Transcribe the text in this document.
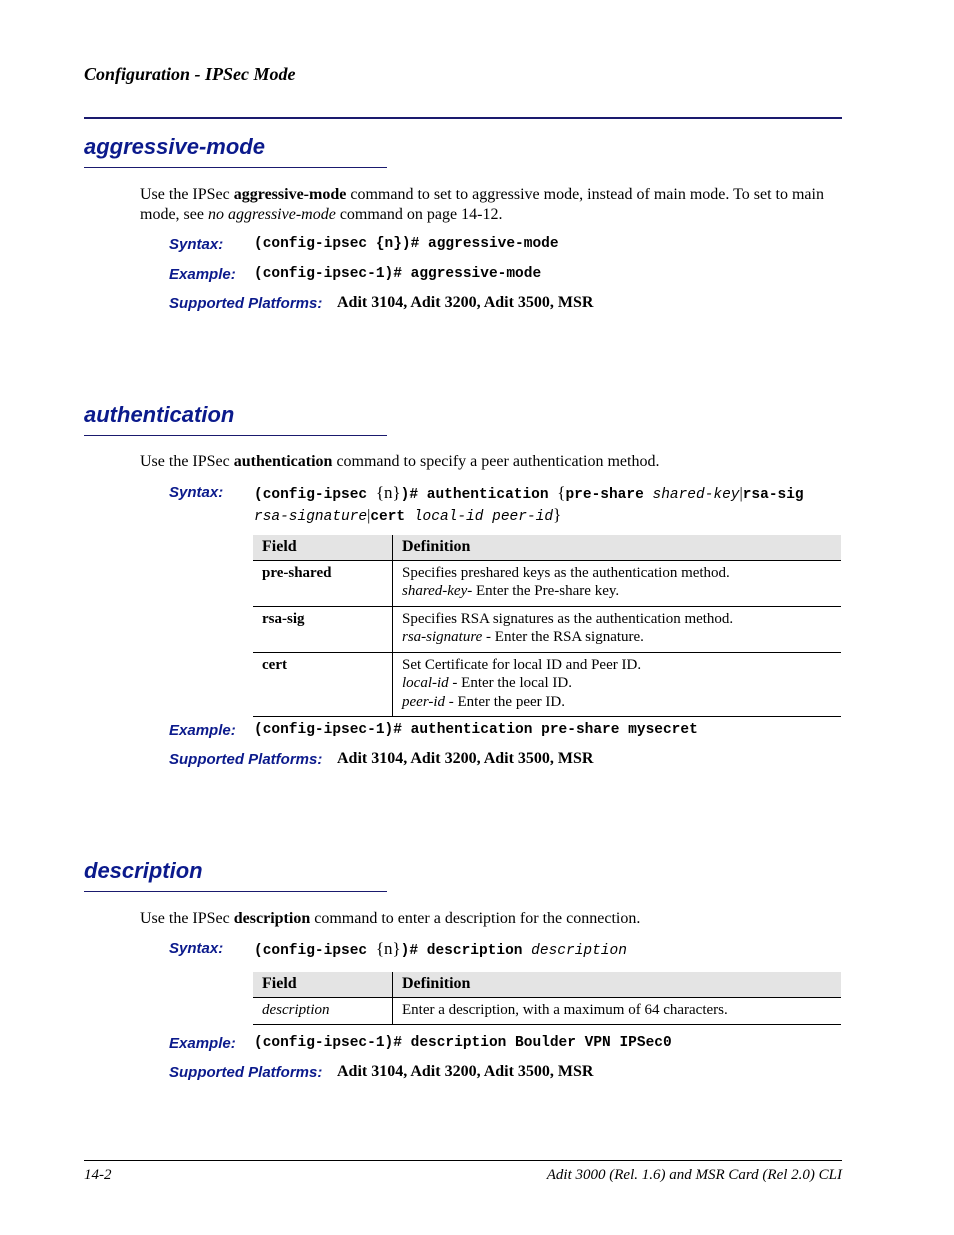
Configuration - IPSec Mode
aggressive-mode
Use the IPSec aggressive-mode command to set to aggressive mode, instead of main mode. To set to main mode, see no aggressive-mode command on page 14-12.
Syntax: (config-ipsec {n})# aggressive-mode
Example: (config-ipsec-1)# aggressive-mode
Supported Platforms: Adit 3104, Adit 3200, Adit 3500, MSR
authentication
Use the IPSec authentication command to specify a peer authentication method.
Syntax: (config-ipsec {n})# authentication {pre-share shared-key|rsa-sig
rsa-signature|cert local-id peer-id}
Field	Definition
pre-shared	Specifies preshared keys as the authentication method.
shared-key- Enter the Pre-share key.

rsa-sig	Specifies RSA signatures as the authentication method.
rsa-signature - Enter the RSA signature.

cert	Set Certificate for local ID and Peer ID.
local-id - Enter the local ID.
peer-id - Enter the peer ID.
Example: (config-ipsec-1)# authentication pre-share mysecret
Supported Platforms: Adit 3104, Adit 3200, Adit 3500, MSR
description
Use the IPSec description command to enter a description for the connection.
Syntax: (config-ipsec {n})# description description
Field	Definition
description	Enter a description, with a maximum of 64 characters.
Example: (config-ipsec-1)# description Boulder VPN IPSec0
Supported Platforms: Adit 3104, Adit 3200, Adit 3500, MSR
14-2	Adit 3000 (Rel. 1.6) and MSR Card (Rel 2.0) CLI
